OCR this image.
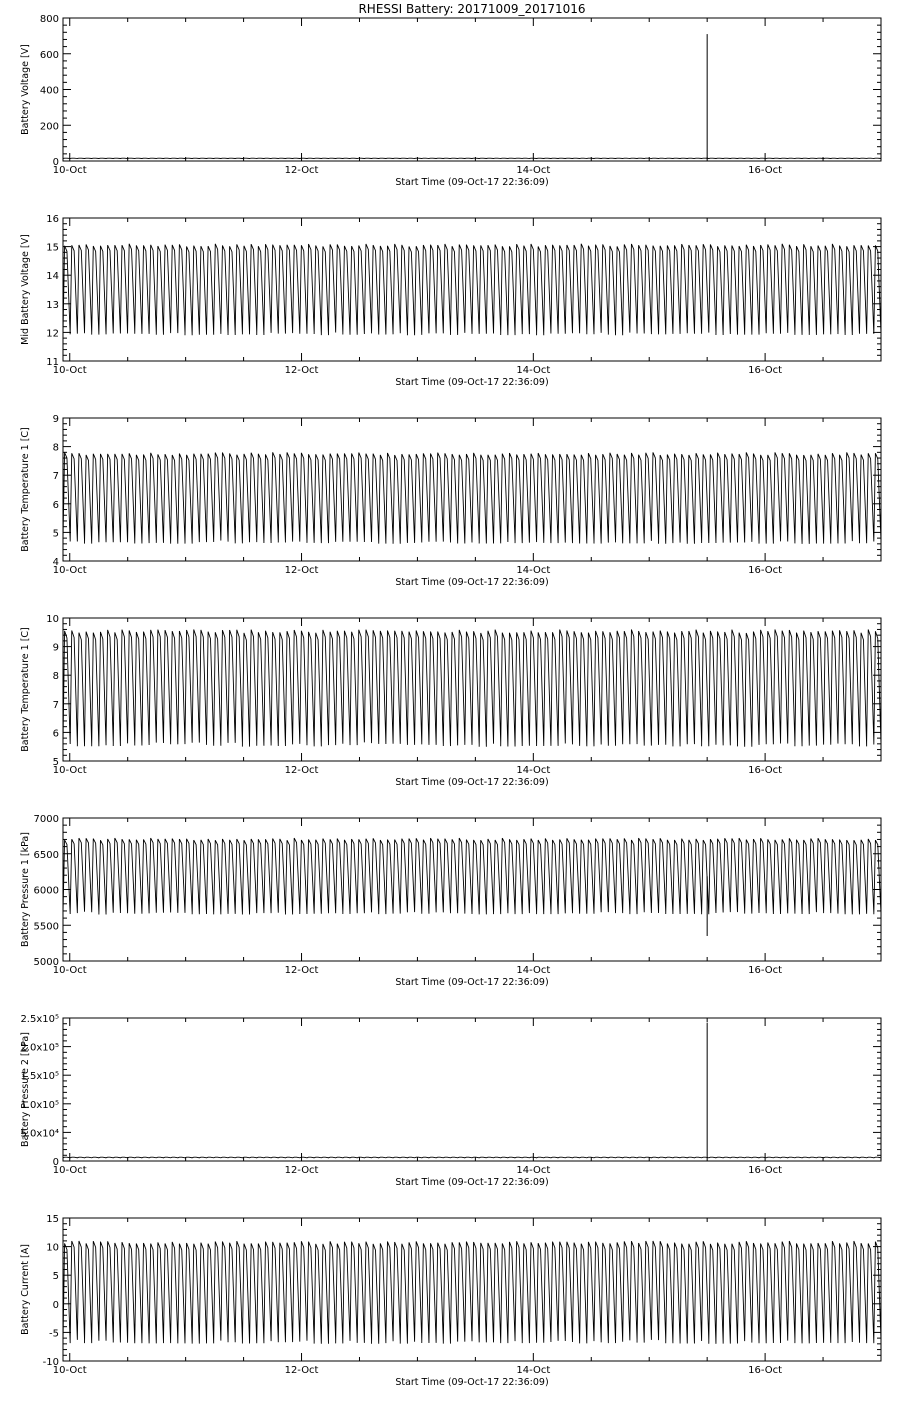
RHESSI Battery: 20171009_20171016
10-Oct	12-Oct	14-Oct	16-Oct
Start Time (09-Oct-17 22:36:09)
0
200
400
600
800
Battery Voltage [V]
10-Oct	12-Oct	14-Oct	16-Oct
Start Time (09-Oct-17 22:36:09)
11
12
13
14
15
16
Mid Battery Voltage [V]
10-Oct	12-Oct	14-Oct	16-Oct
Start Time (09-Oct-17 22:36:09)
4
5
6
7
8
9
Battery Temperature 1 [C]
10-Oct	12-Oct	14-Oct	16-Oct
Start Time (09-Oct-17 22:36:09)
5
6
7
8
9
10
Battery Temperature 1 [C]
10-Oct	12-Oct	14-Oct	16-Oct
Start Time (09-Oct-17 22:36:09)
5000
5500
6000
6500
7000
Battery Pressure 1 [kPa]
10-Oct	12-Oct	14-Oct	16-Oct
Start Time (09-Oct-17 22:36:09)
0
5.0x10⁴
1.0x10⁵
1.5x10⁵
2.0x10⁵
2.5x10⁵
Battery Pressure 2 [kPa]
10-Oct	12-Oct	14-Oct	16-Oct
Start Time (09-Oct-17 22:36:09)
-10
-5
0
5
10
15
Battery Current [A]
